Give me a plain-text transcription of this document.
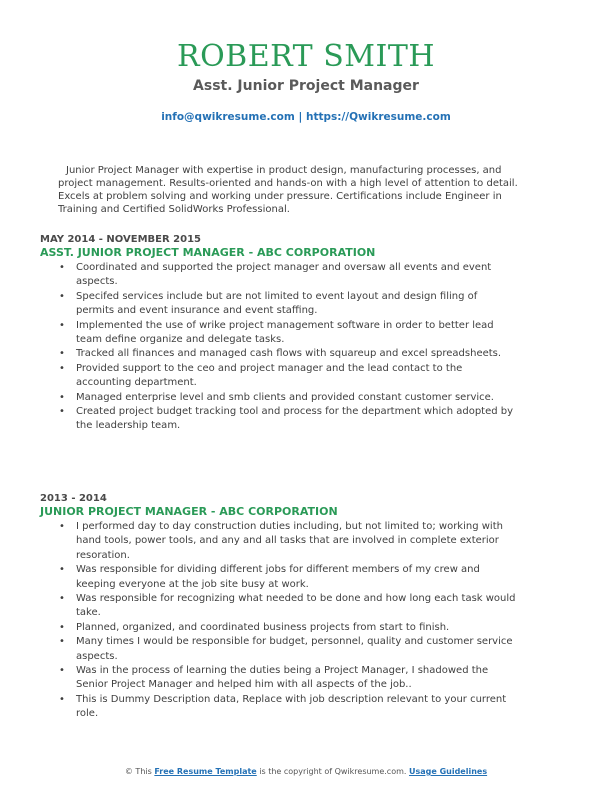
ROBERT SMITH
Asst. Junior Project Manager
info@qwikresume.com | https://Qwikresume.com

Junior Project Manager with expertise in product design, manufacturing processes, and project management. Results-oriented and hands-on with a high level of attention to detail. Excels at problem solving and working under pressure. Certifications include Engineer in Training and Certified SolidWorks Professional.

MAY 2014 - NOVEMBER 2015
ASST. JUNIOR PROJECT MANAGER - ABC CORPORATION
• Coordinated and supported the project manager and oversaw all events and event aspects.
• Specifed services include but are not limited to event layout and design filing of permits and event insurance and event staffing.
• Implemented the use of wrike project management software in order to better lead team define organize and delegate tasks.
• Tracked all finances and managed cash flows with squareup and excel spreadsheets.
• Provided support to the ceo and project manager and the lead contact to the accounting department.
• Managed enterprise level and smb clients and provided constant customer service.
• Created project budget tracking tool and process for the department which adopted by the leadership team.
2013 - 2014
JUNIOR PROJECT MANAGER - ABC CORPORATION
• I performed day to day construction duties including, but not limited to; working with hand tools, power tools, and any and all tasks that are involved in complete exterior resoration.
• Was responsible for dividing different jobs for different members of my crew and keeping everyone at the job site busy at work.
• Was responsible for recognizing what needed to be done and how long each task would take.
• Planned, organized, and coordinated business projects from start to finish.
• Many times I would be responsible for budget, personnel, quality and customer service aspects.
• Was in the process of learning the duties being a Project Manager, I shadowed the Senior Project Manager and helped him with all aspects of the job..
• This is Dummy Description data, Replace with job description relevant to your current role.
© This Free Resume Template is the copyright of Qwikresume.com. Usage Guidelines
